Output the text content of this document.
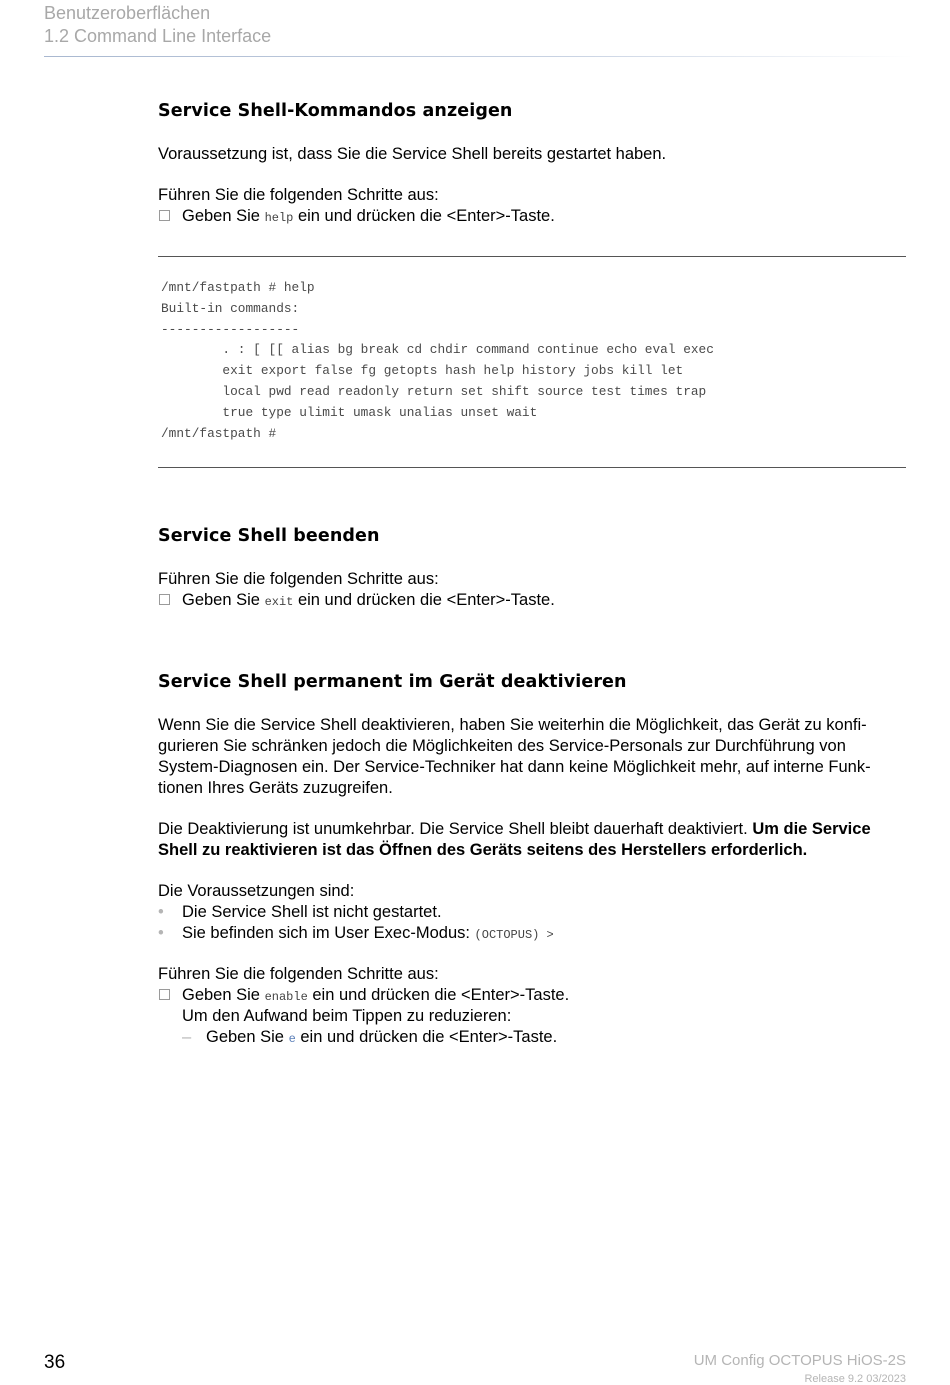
Benutzeroberflächen
1.2 Command Line Interface
Service Shell-Kommandos anzeigen

Voraussetzung ist, dass Sie die Service Shell bereits gestartet haben.

Führen Sie die folgenden Schritte aus:

Geben Sie help ein und drücken die <Enter>-Taste.
/mnt/fastpath # help
Built-in commands:
------------------
. : [ [[ alias bg break cd chdir command continue echo eval exec
exit export false fg getopts hash help history jobs kill let
local pwd read readonly return set shift source test times trap
true type ulimit umask unalias unset wait
/mnt/fastpath #
Service Shell beenden

Führen Sie die folgenden Schritte aus:

Geben Sie exit ein und drücken die <Enter>-Taste.
Service Shell permanent im Gerät deaktivieren
Wenn Sie die Service Shell deaktivieren, haben Sie weiterhin die Möglichkeit, das Gerät zu konfi-
gurieren Sie schränken jedoch die Möglichkeiten des Service-Personals zur Durchführung von
System-Diagnosen ein. Der Service-Techniker hat dann keine Möglichkeit mehr, auf interne Funk-
tionen Ihres Geräts zuzugreifen.
Die Deaktivierung ist unumkehrbar. Die Service Shell bleibt dauerhaft deaktiviert. Um die Service
Shell zu reaktivieren ist das Öffnen des Geräts seitens des Herstellers erforderlich.

Die Voraussetzungen sind:

• Die Service Shell ist nicht gestartet.
• Sie befinden sich im User Exec-Modus: (OCTOPUS) >

Führen Sie die folgenden Schritte aus:

Geben Sie enable ein und drücken die <Enter>-Taste.
Um den Aufwand beim Tippen zu reduzieren:
– Geben Sie e ein und drücken die <Enter>-Taste.
36	UM Config OCTOPUS HiOS-2S
Release 9.2 03/2023
